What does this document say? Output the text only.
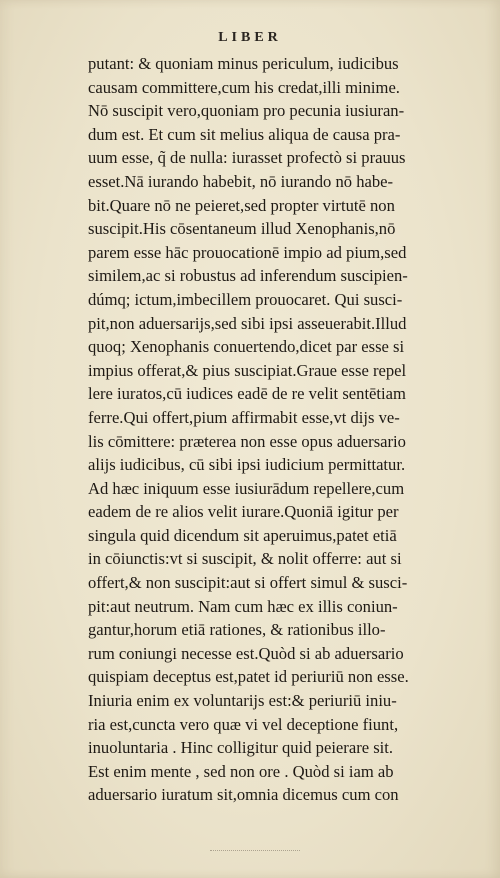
LIBER
putant: & quoniam minus periculum, iudicibus
causam committere,cum his credat,illi minime.
Nō suscipit vero,quoniam pro pecunia iusiuran-
dum est. Et cum sit melius aliqua de causa pra-
uum esse, q̃ de nulla: iurasset profectò si prauus
esset.Nā iurando habebit, nō iurando nō habe-
bit.Quare nō ne peieret,sed propter virtutē non
suscipit.His cōsentaneum illud Xenophanis,nō
parem esse hāc prouocationē impio ad pium,sed
similem,ac si robustus ad inferendum suscipien-
dúmq; ictum,imbecillem prouocaret. Qui susci-
pit,non aduersarijs,sed sibi ipsi asseuerabit.Illud
quoq; Xenophanis conuertendo,dicet par esse si
impius offerat,& pius suscipiat.Graue esse repel
lere iuratos,cū iudices eadē de re velit sentētiam
ferre.Qui offert,pium affirmabit esse,vt dijs ve-
lis cōmittere: præterea non esse opus aduersario
alijs iudicibus, cū sibi ipsi iudicium permittatur.
Ad hæc iniquum esse iusiurādum repellere,cum
eadem de re alios velit iurare.Quoniā igitur per
singula quid dicendum sit aperuimus,patet etiā
in cōiunctis:vt si suscipit, & nolit offerre: aut si
offert,& non suscipit:aut si offert simul & susci-
pit:aut neutrum. Nam cum hæc ex illis coniun-
gantur,horum etiā rationes, & rationibus illo-
rum coniungi necesse est.Quòd si ab aduersario
quispiam deceptus est,patet id periuriū non esse.
Iniuria enim ex voluntarijs est:& periuriū iniu-
ria est,cuncta vero quæ vi vel deceptione fiunt,
inuoluntaria . Hinc colligitur quid peierare sit.
Est enim mente , sed non ore . Quòd si iam ab
aduersario iuratum sit,omnia dicemus cum con
